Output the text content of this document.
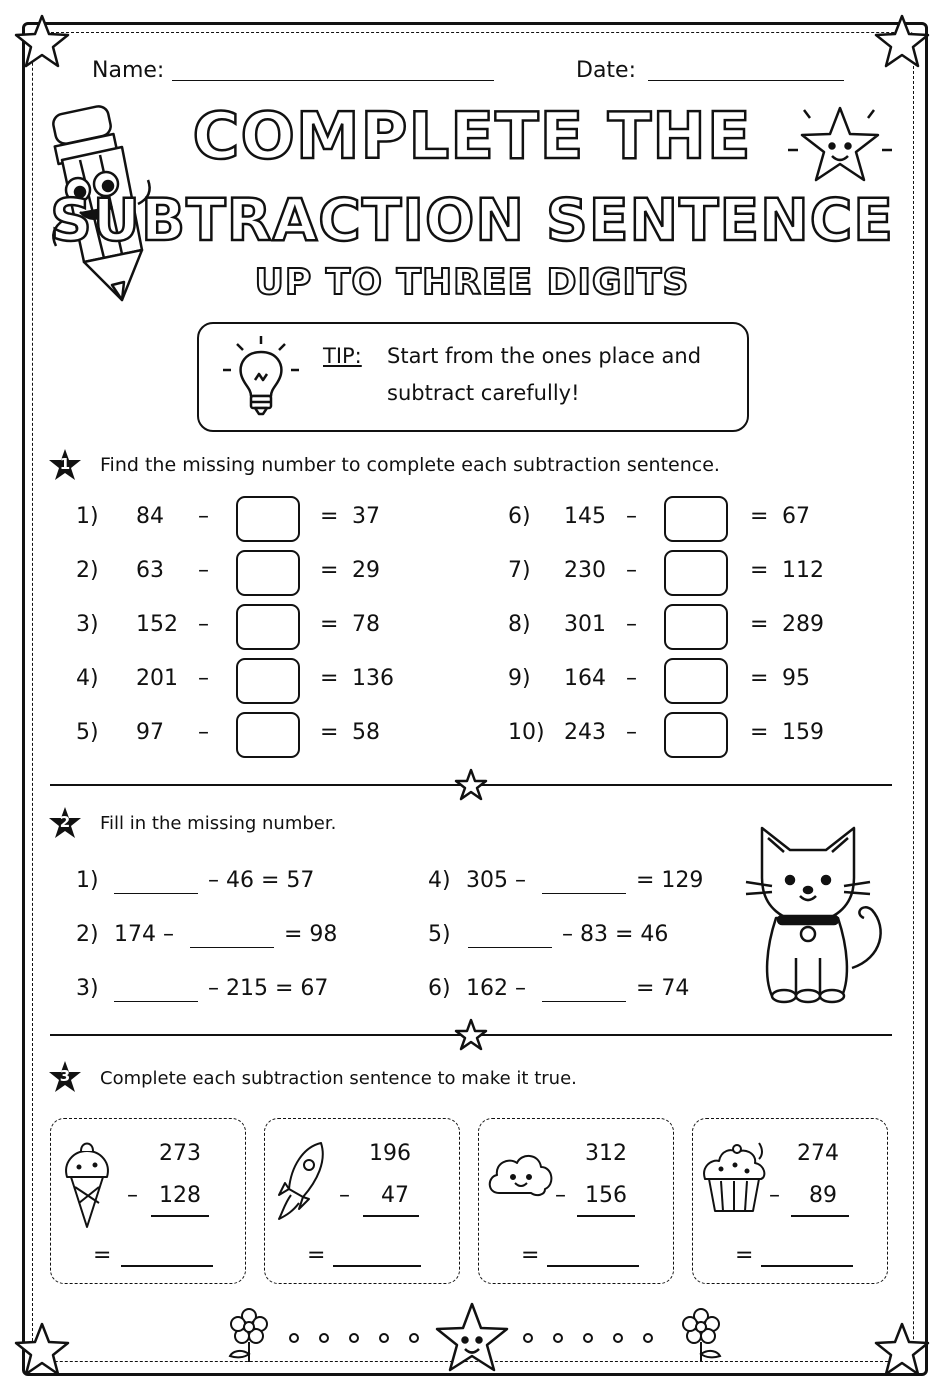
Name:	Date:
COMPLETE THE
SUBTRACTION SENTENCE
UP TO THREE DIGITS
TIP: Start from the ones place and
subtract carefully!
1	Find the missing number to complete each subtraction sentence.
1) 84 –	= 37
2) 63 –	= 29
3) 152 –	= 78
4) 201 –	= 136
5) 97 –	= 58
6) 145 –	= 67
7) 230 –	= 112
8) 301 –	= 289
9) 164 –	= 95
10) 243 –	= 159
2	Fill in the missing number.
1)	– 46 = 57
2) 174 –	= 98
3)	– 215 = 67
4) 305 –	= 129
5)	– 83 = 46
6) 162 –	= 74
3	Complete each subtraction sentence to make it true.
273
– 128
=
196
– 47
=
312
– 156
=
274
– 89
=
